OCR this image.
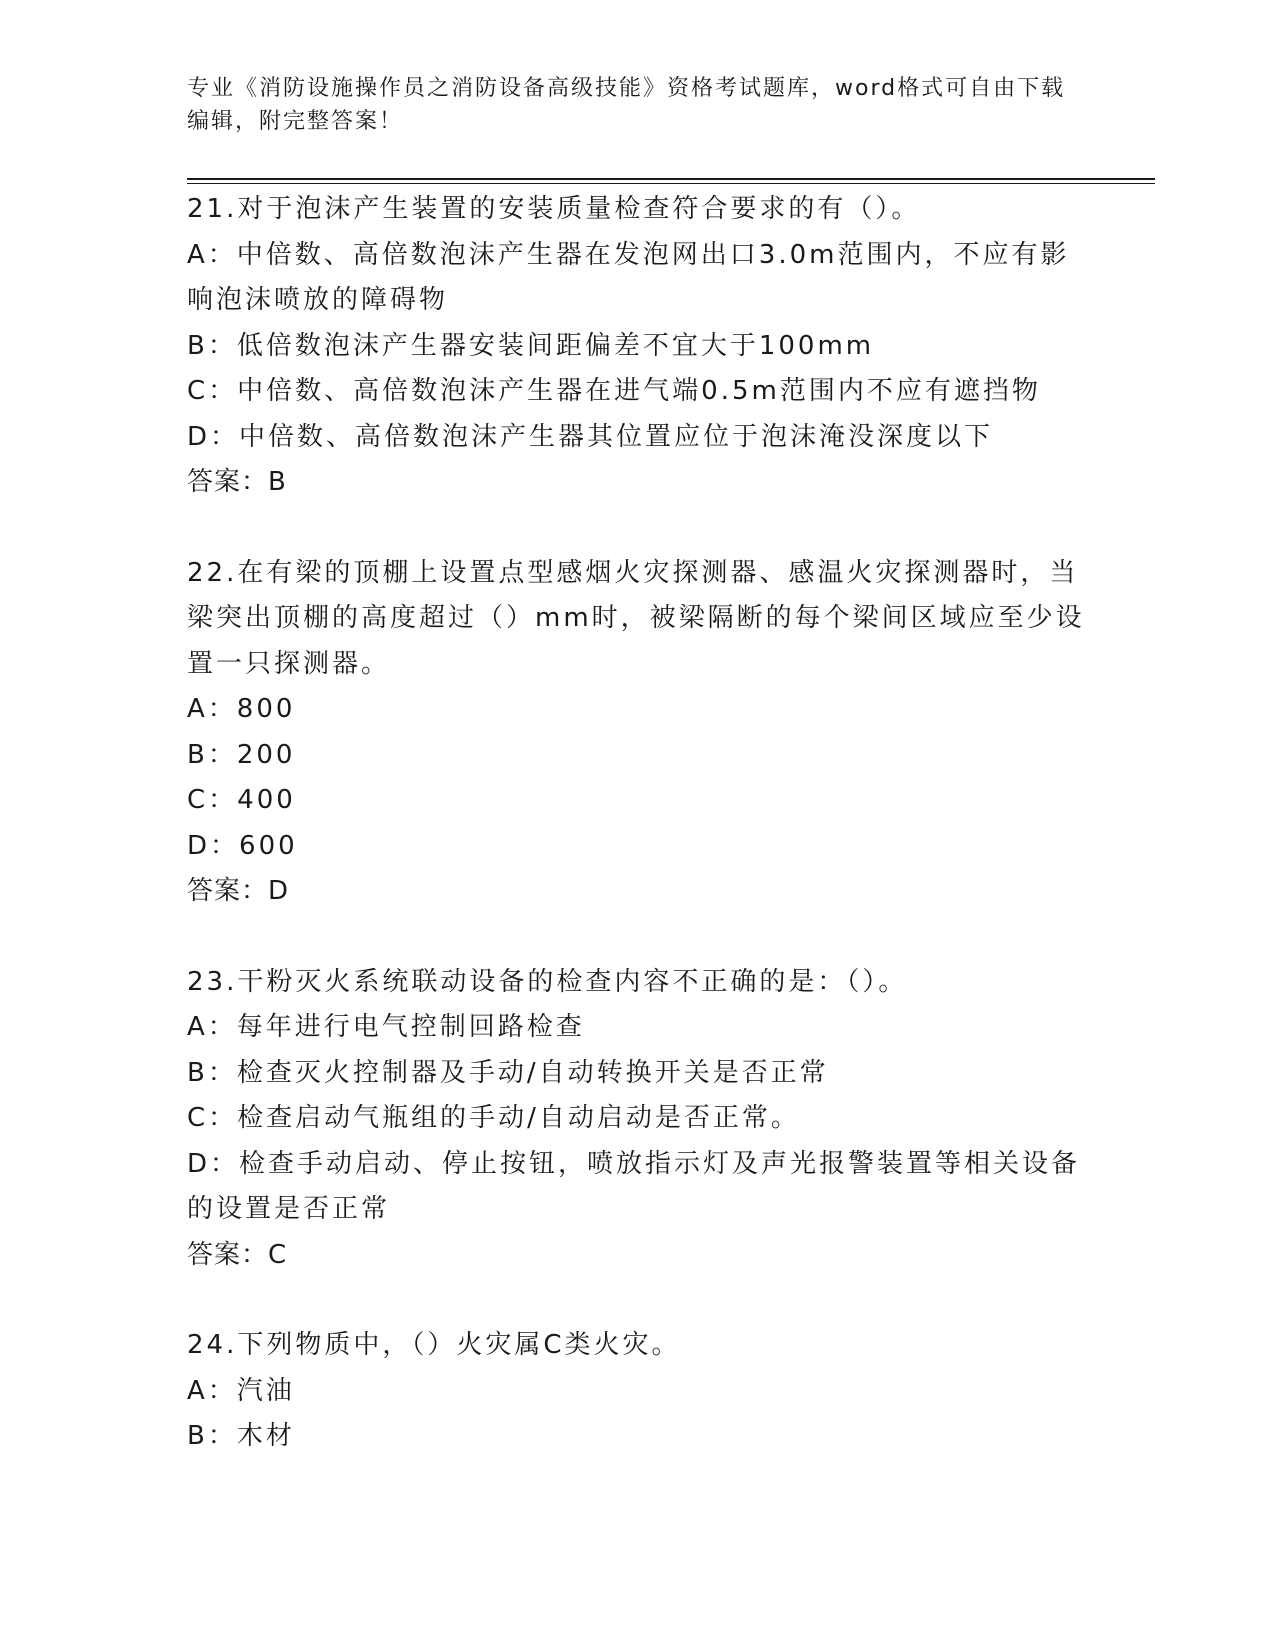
专业《消防设施操作员之消防设备高级技能》资格考试题库，word格式可自由下载编辑，附完整答案！

21.对于泡沫产生装置的安装质量检查符合要求的有（）。

A：中倍数、高倍数泡沫产生器在发泡网出口3.0m范围内，不应有影响泡沫喷放的障碍物

B：低倍数泡沫产生器安装间距偏差不宜大于100mm

C：中倍数、高倍数泡沫产生器在进气端0.5m范围内不应有遮挡物

D：中倍数、高倍数泡沫产生器其位置应位于泡沫淹没深度以下

答案：B

22.在有梁的顶棚上设置点型感烟火灾探测器、感温火灾探测器时，当梁突出顶棚的高度超过（）mm时，被梁隔断的每个梁间区域应至少设置一只探测器。

A：800

B：200

C：400

D：600

答案：D

23.干粉灭火系统联动设备的检查内容不正确的是：（）。

A：每年进行电气控制回路检查

B：检查灭火控制器及手动/自动转换开关是否正常

C：检查启动气瓶组的手动/自动启动是否正常。

D：检查手动启动、停止按钮，喷放指示灯及声光报警装置等相关设备的设置是否正常

答案：C

24.下列物质中，（）火灾属C类火灾。

A：汽油

B：木材
